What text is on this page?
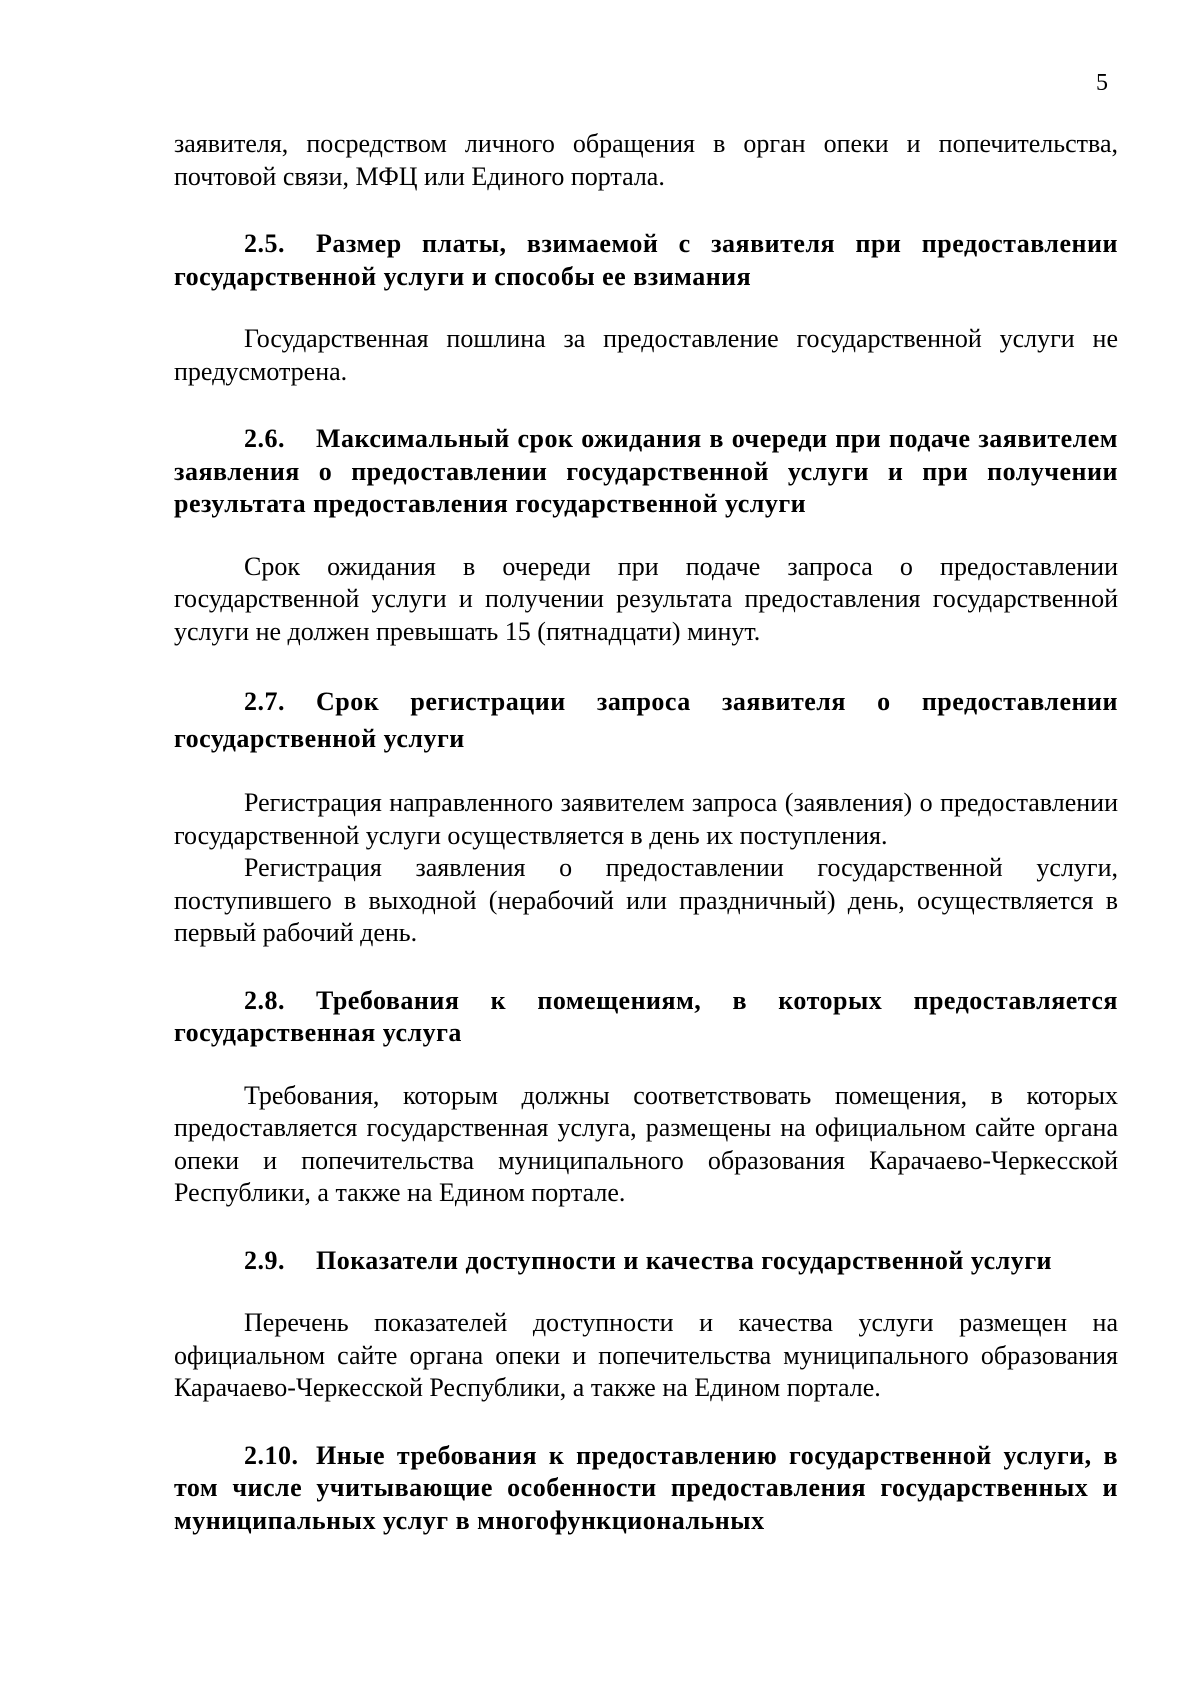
5

заявителя, посредством личного обращения в орган опеки и попечительства, почтовой связи, МФЦ или Единого портала.

2.5. Размер платы, взимаемой с заявителя при предоставлении государственной услуги и способы ее взимания

Государственная пошлина за предоставление государственной услуги не предусмотрена.

2.6. Максимальный срок ожидания в очереди при подаче заявителем заявления о предоставлении государственной услуги и при получении результата предоставления государственной услуги

Срок ожидания в очереди при подаче запроса о предоставлении государственной услуги и получении результата предоставления государственной услуги не должен превышать 15 (пятнадцати) минут.

2.7. Срок регистрации запроса заявителя о предоставлении государственной услуги

Регистрация направленного заявителем запроса (заявления) о предоставлении государственной услуги осуществляется в день их поступления.

Регистрация заявления о предоставлении государственной услуги, поступившего в выходной (нерабочий или праздничный) день, осуществляется в первый рабочий день.

2.8. Требования к помещениям, в которых предоставляется государственная услуга

Требования, которым должны соответствовать помещения, в которых предоставляется государственная услуга, размещены на официальном сайте органа опеки и попечительства муниципального образования Карачаево-Черкесской Республики, а также на Едином портале.

2.9. Показатели доступности и качества государственной услуги

Перечень показателей доступности и качества услуги размещен на официальном сайте органа опеки и попечительства муниципального образования Карачаево-Черкесской Республики, а также на Едином портале.

2.10. Иные требования к предоставлению государственной услуги, в том числе учитывающие особенности предоставления государственных и муниципальных услуг в многофункциональных
